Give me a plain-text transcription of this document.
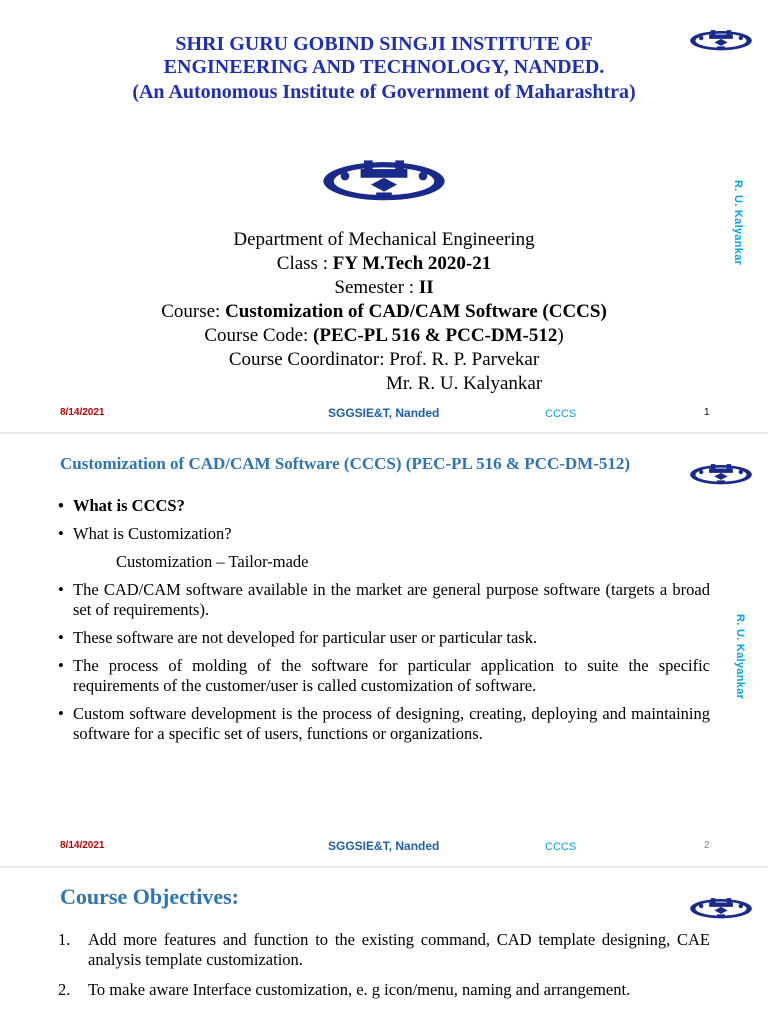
SHRI GURU GOBIND SINGJI INSTITUTE OF
ENGINEERING AND TECHNOLOGY, NANDED.
(An Autonomous Institute of Government of Maharashtra)
R. U. Kalyankar
Department of Mechanical Engineering
Class : FY M.Tech 2020-21
Semester : II
Course: Customization of CAD/CAM Software (CCCS)
Course Code: (PEC-PL 516 & PCC-DM-512)
Course Coordinator: Prof. R. P. Parvekar
Mr. R. U. Kalyankar
8/14/2021	SGGSIE&T, Nanded	CCCS	1
Customization of CAD/CAM Software (CCCS) (PEC-PL 516 & PCC-DM-512)
R. U. Kalyankar
• What is CCCS?
• What is Customization?
Customization – Tailor-made
• The CAD/CAM software available in the market are general purpose software (targets a broad set of requirements).
• These software are not developed for particular user or particular task.
• The process of molding of the software for particular application to suite the specific requirements of the customer/user is called customization of software.
• Custom software development is the process of designing, creating, deploying and maintaining software for a specific set of users, functions or organizations.
8/14/2021	SGGSIE&T, Nanded	CCCS	2
Course Objectives:
1. Add more features and function to the existing command, CAD template designing, CAE analysis template customization.
2. To make aware Interface customization, e. g icon/menu, naming and arrangement.
